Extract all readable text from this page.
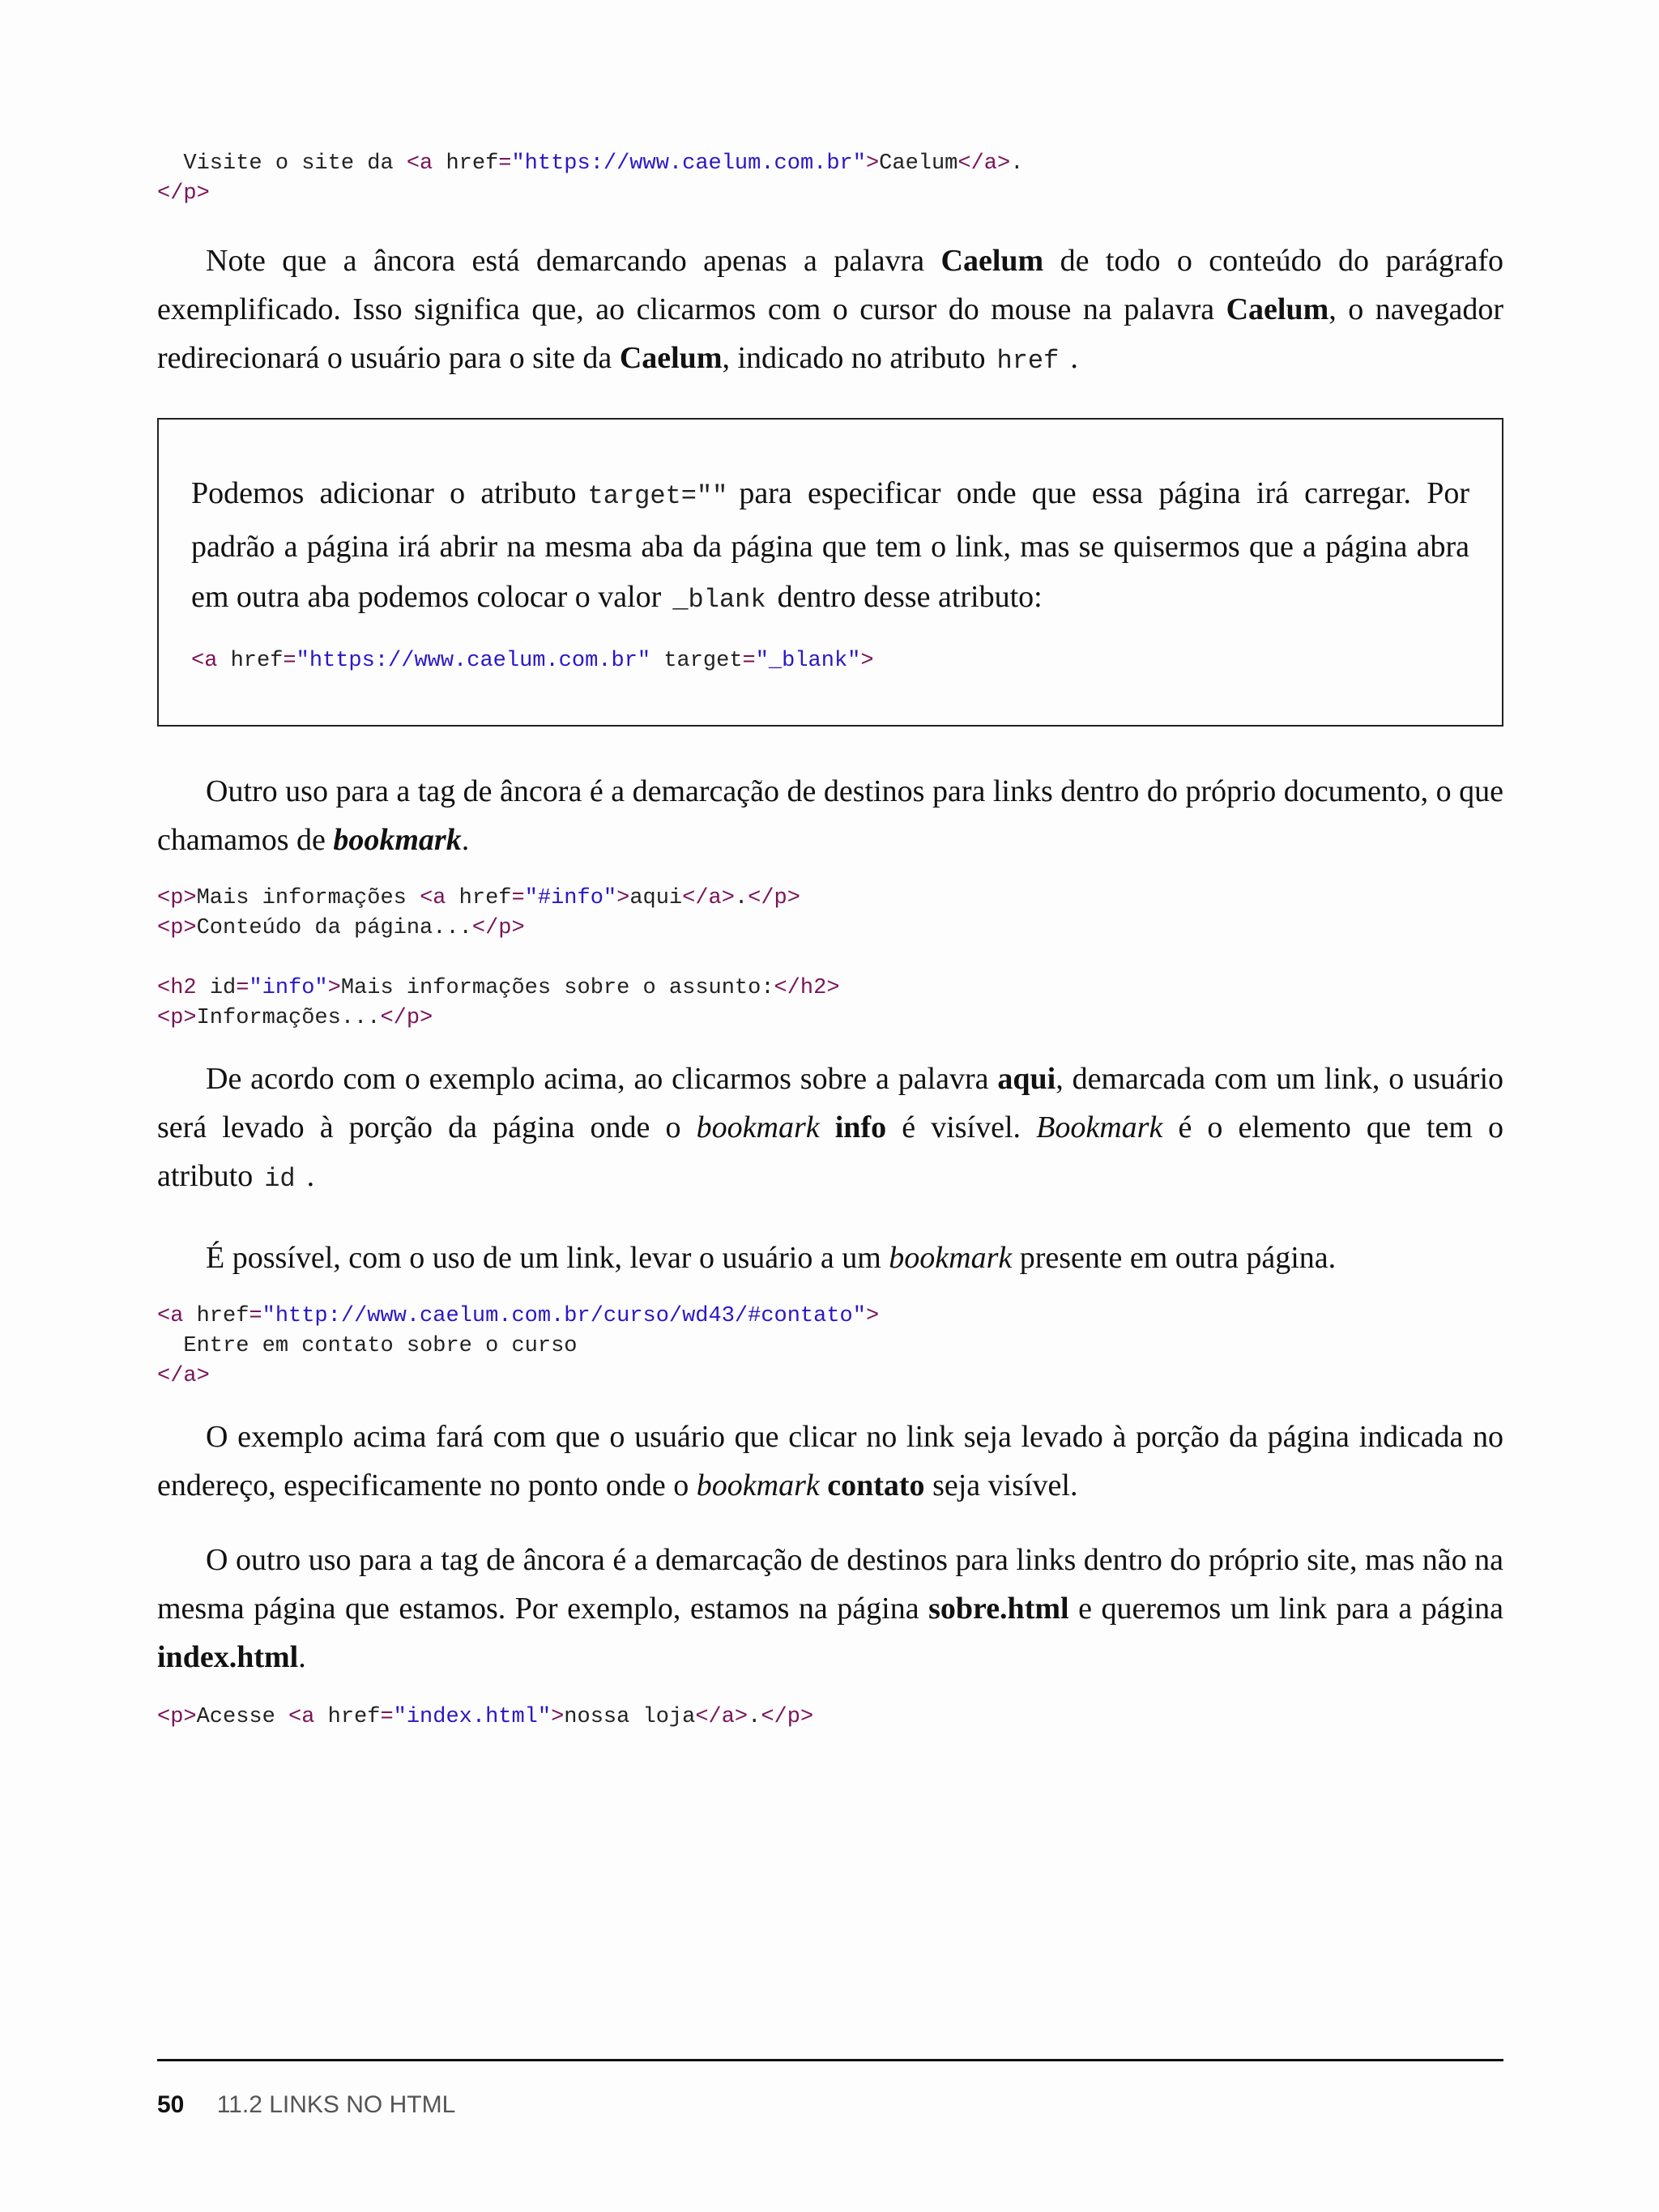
Visite o site da <a href="https://www.caelum.com.br">Caelum</a>.
</p>

Note que a âncora está demarcando apenas a palavra Caelum de todo o conteúdo do parágrafo exemplificado. Isso significa que, ao clicarmos com o cursor do mouse na palavra Caelum, o navegador redirecionará o usuário para o site da Caelum, indicado no atributo href .

Podemos adicionar o atributo target="" para especificar onde que essa página irá carregar. Por padrão a página irá abrir na mesma aba da página que tem o link, mas se quisermos que a página abra em outra aba podemos colocar o valor _blank dentro desse atributo:

<a href="https://www.caelum.com.br" target="_blank">

Outro uso para a tag de âncora é a demarcação de destinos para links dentro do próprio documento, o que chamamos de bookmark.

<p>Mais informações <a href="#info">aqui</a>.</p>
<p>Conteúdo da página...</p>

<h2 id="info">Mais informações sobre o assunto:</h2>
<p>Informações...</p>

De acordo com o exemplo acima, ao clicarmos sobre a palavra aqui, demarcada com um link, o usuário será levado à porção da página onde o bookmark info é visível. Bookmark é o elemento que tem o atributo id .

É possível, com o uso de um link, levar o usuário a um bookmark presente em outra página.

<a href="http://www.caelum.com.br/curso/wd43/#contato">
Entre em contato sobre o curso
</a>

O exemplo acima fará com que o usuário que clicar no link seja levado à porção da página indicada no endereço, especificamente no ponto onde o bookmark contato seja visível.

O outro uso para a tag de âncora é a demarcação de destinos para links dentro do próprio site, mas não na mesma página que estamos. Por exemplo, estamos na página sobre.html e queremos um link para a página index.html.

<p>Acesse <a href="index.html">nossa loja</a>.</p>
50 11.2 LINKS NO HTML
